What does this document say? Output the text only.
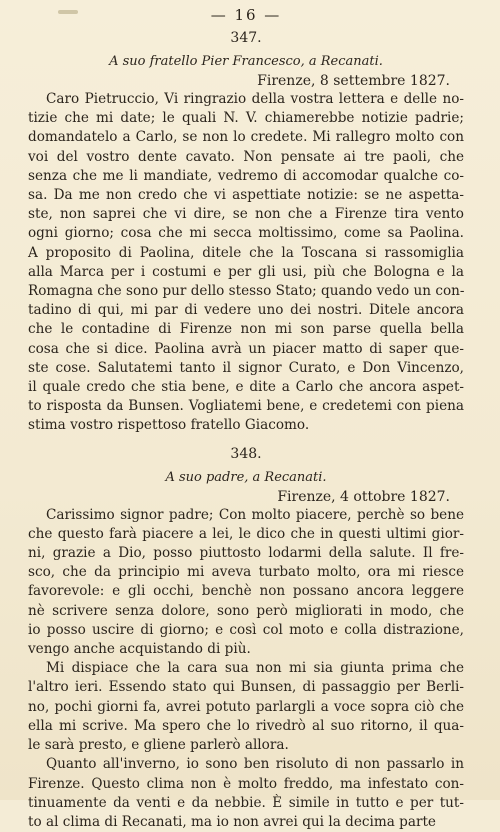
— 16 —
347.
A suo fratello Pier Francesco, a Recanati.
Firenze, 8 settembre 1827.
Caro Pietruccio, Vi ringrazio della vostra lettera e delle no-
tizie che mi date; le quali N. V. chiamerebbe notizie padrie;
domandatelo a Carlo, se non lo credete. Mi rallegro molto con
voi del vostro dente cavato. Non pensate ai tre paoli, che
senza che me li mandiate, vedremo di accomodar qualche co-
sa. Da me non credo che vi aspettiate notizie: se ne aspetta-
ste, non saprei che vi dire, se non che a Firenze tira vento
ogni giorno; cosa che mi secca moltissimo, come sa Paolina.
A proposito di Paolina, ditele che la Toscana si rassomiglia
alla Marca per i costumi e per gli usi, più che Bologna e la
Romagna che sono pur dello stesso Stato; quando vedo un con-
tadino di qui, mi par di vedere uno dei nostri. Ditele ancora
che le contadine di Firenze non mi son parse quella bella
cosa che si dice. Paolina avrà un piacer matto di saper que-
ste cose. Salutatemi tanto il signor Curato, e Don Vincenzo,
il quale credo che stia bene, e dite a Carlo che ancora aspet-
to risposta da Bunsen. Vogliatemi bene, e credetemi con piena
stima vostro rispettoso fratello Giacomo.
348.
A suo padre, a Recanati.
Firenze, 4 ottobre 1827.
Carissimo signor padre; Con molto piacere, perchè so bene
che questo farà piacere a lei, le dico che in questi ultimi gior-
ni, grazie a Dio, posso piuttosto lodarmi della salute. Il fre-
sco, che da principio mi aveva turbato molto, ora mi riesce
favorevole: e gli occhi, benchè non possano ancora leggere
nè scrivere senza dolore, sono però migliorati in modo, che
io posso uscire di giorno; e così col moto e colla distrazione,
vengo anche acquistando di più.
Mi dispiace che la cara sua non mi sia giunta prima che
l'altro ieri. Essendo stato qui Bunsen, di passaggio per Berli-
no, pochi giorni fa, avrei potuto parlargli a voce sopra ciò che
ella mi scrive. Ma spero che lo rivedrò al suo ritorno, il qua-
le sarà presto, e gliene parlerò allora.
Quanto all'inverno, io sono ben risoluto di non passarlo in
Firenze. Questo clima non è molto freddo, ma infestato con-
tinuamente da venti e da nebbie. È simile in tutto e per tut-
to al clima di Recanati, ma io non avrei qui la decima parte
